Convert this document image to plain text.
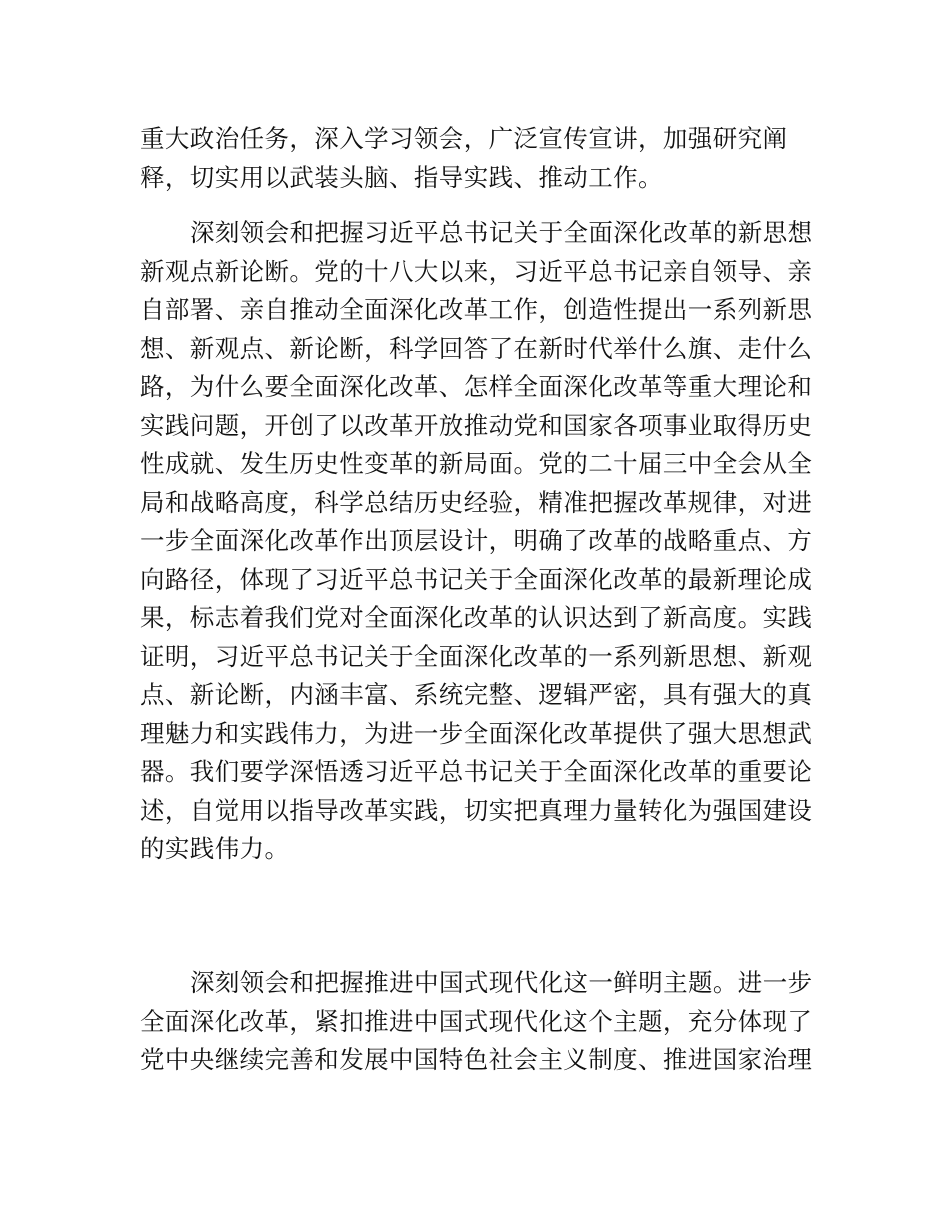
重大政治任务，深入学习领会，广泛宣传宣讲，加强研究阐
释，切实用以武装头脑、指导实践、推动工作。
深刻领会和把握习近平总书记关于全面深化改革的新思想
新观点新论断。党的十八大以来，习近平总书记亲自领导、亲
自部署、亲自推动全面深化改革工作，创造性提出一系列新思
想、新观点、新论断，科学回答了在新时代举什么旗、走什么
路，为什么要全面深化改革、怎样全面深化改革等重大理论和
实践问题，开创了以改革开放推动党和国家各项事业取得历史
性成就、发生历史性变革的新局面。党的二十届三中全会从全
局和战略高度，科学总结历史经验，精准把握改革规律，对进
一步全面深化改革作出顶层设计，明确了改革的战略重点、方
向路径，体现了习近平总书记关于全面深化改革的最新理论成
果，标志着我们党对全面深化改革的认识达到了新高度。实践
证明，习近平总书记关于全面深化改革的一系列新思想、新观
点、新论断，内涵丰富、系统完整、逻辑严密，具有强大的真
理魅力和实践伟力，为进一步全面深化改革提供了强大思想武
器。我们要学深悟透习近平总书记关于全面深化改革的重要论
述，自觉用以指导改革实践，切实把真理力量转化为强国建设
的实践伟力。
深刻领会和把握推进中国式现代化这一鲜明主题。进一步
全面深化改革，紧扣推进中国式现代化这个主题，充分体现了
党中央继续完善和发展中国特色社会主义制度、推进国家治理
